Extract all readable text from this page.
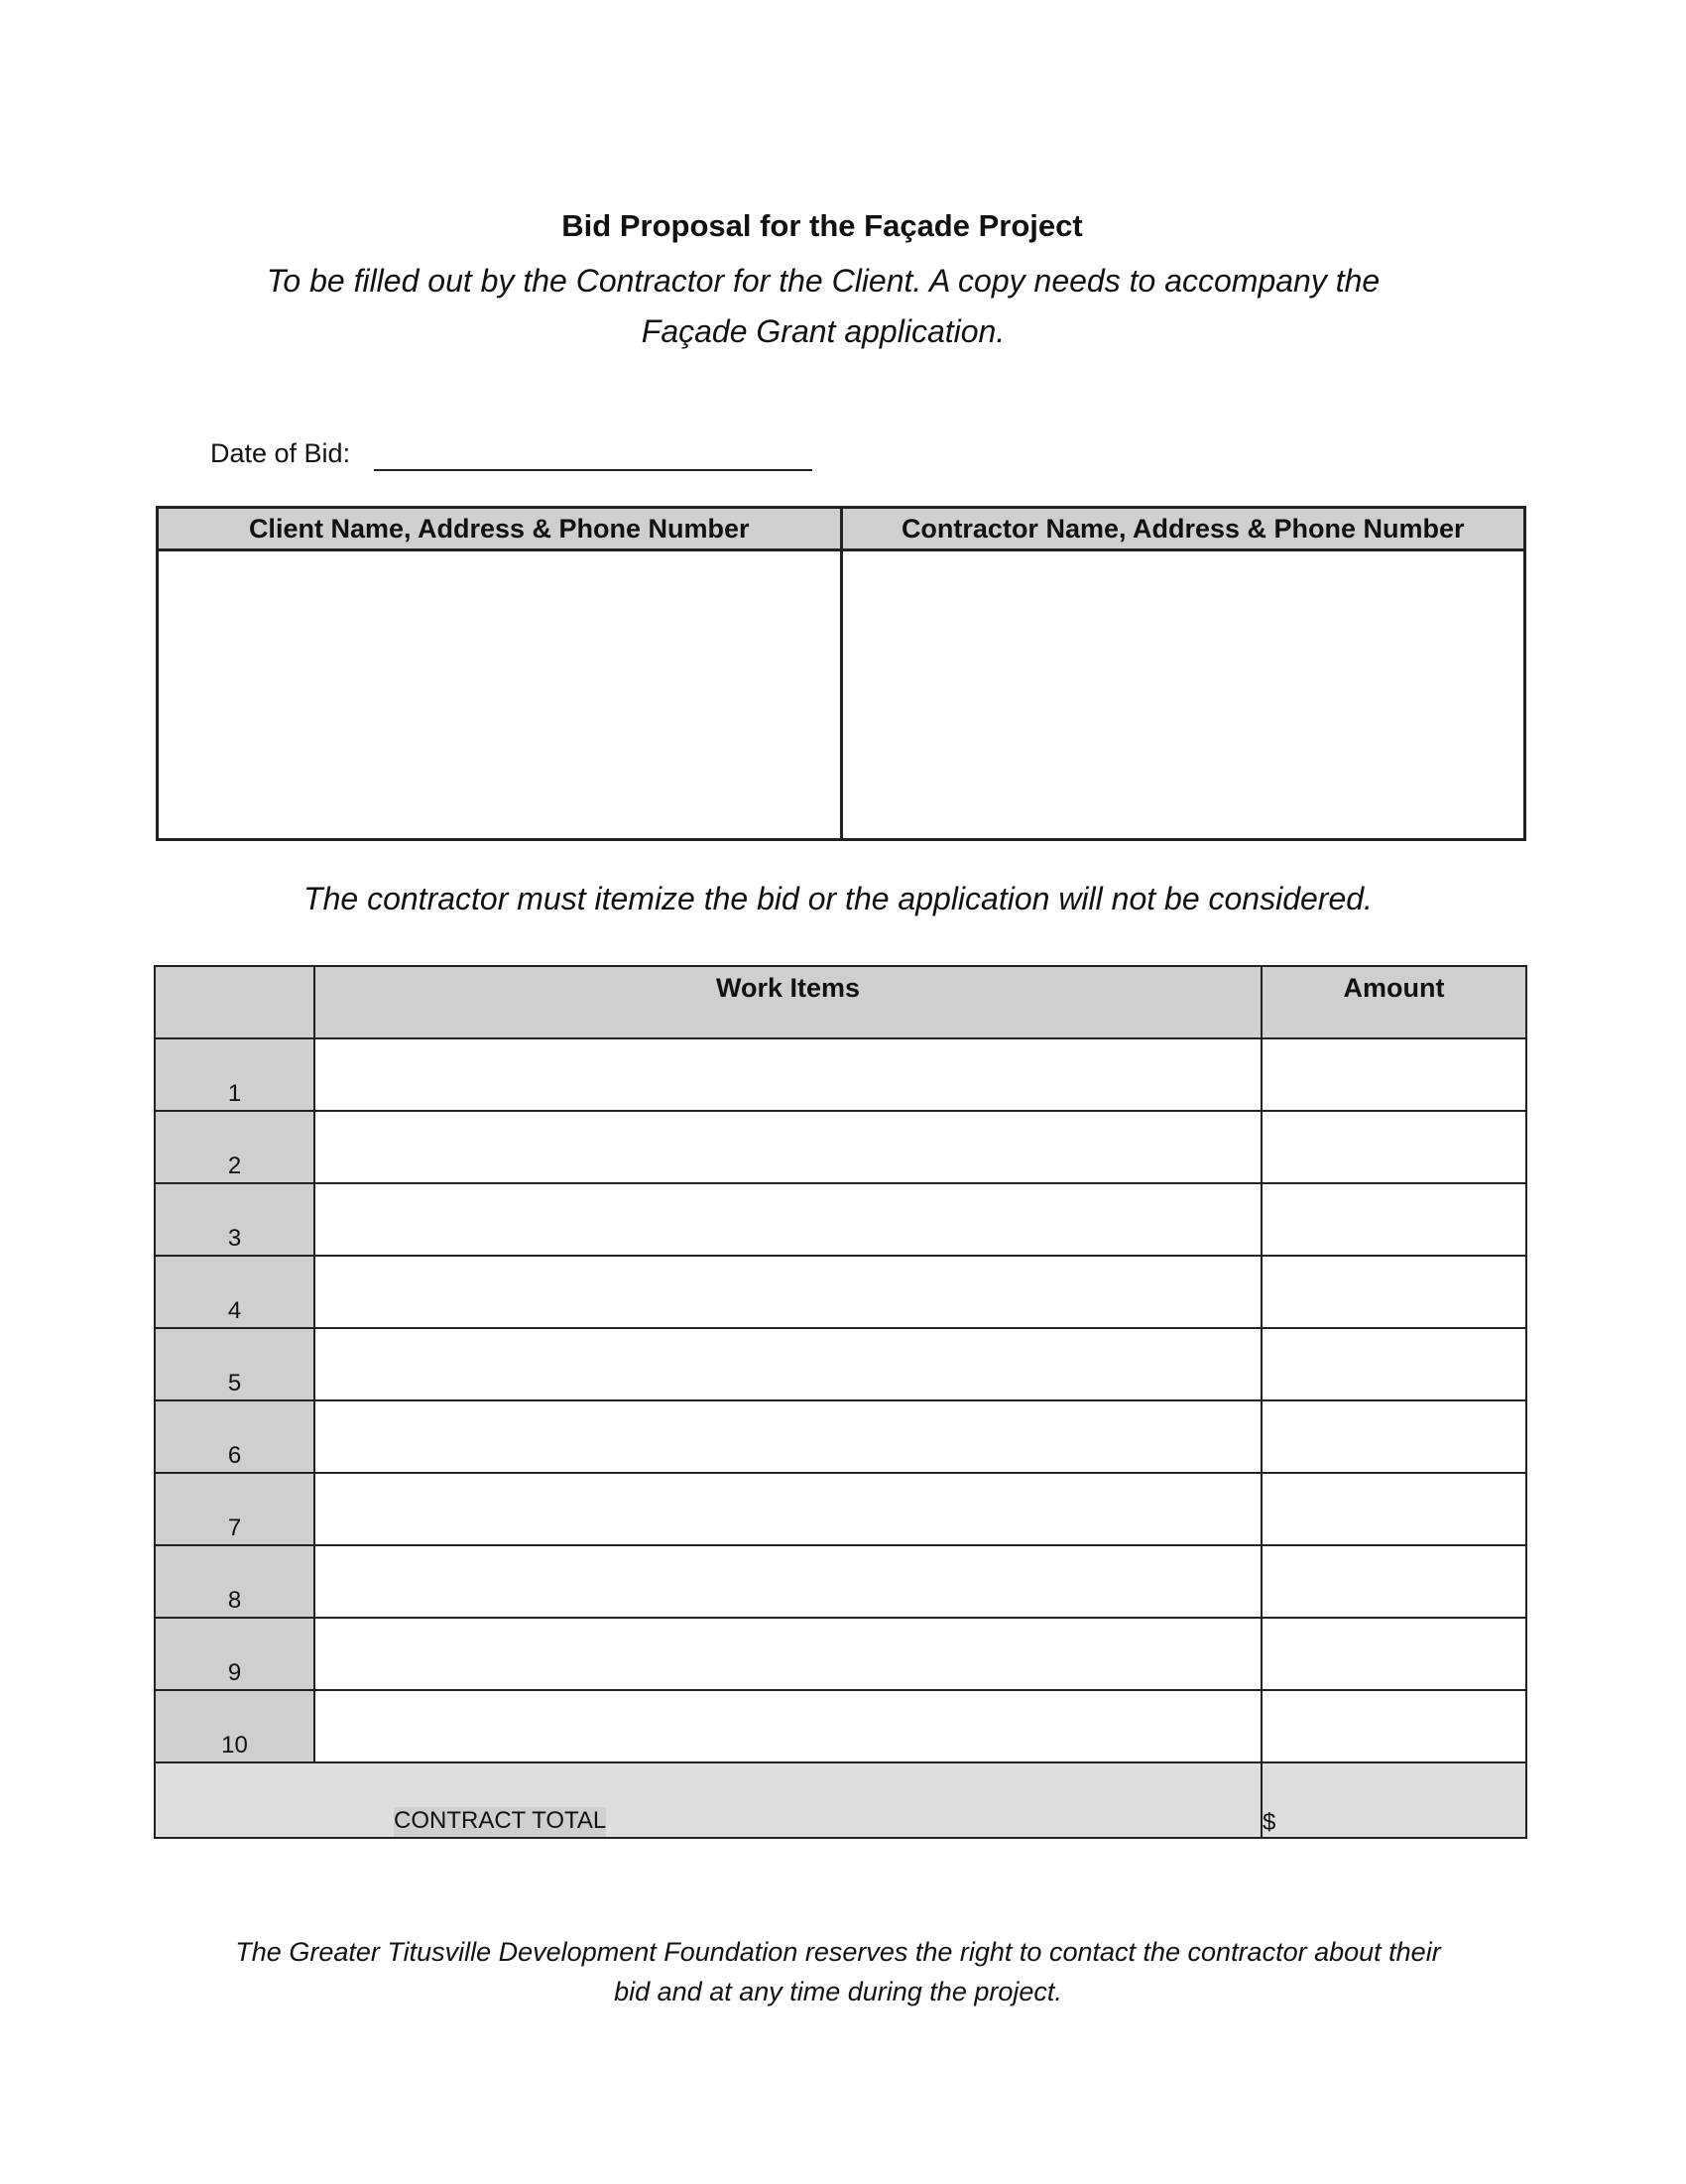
Bid Proposal for the Façade Project
To be filled out by the Contractor for the Client. A copy needs to accompany the Façade Grant application.
Date of Bid:
Client Name, Address & Phone Number	Contractor Name, Address & Phone Number
The contractor must itemize the bid or the application will not be considered.
	Work Items	Amount
1		
2		
3		
4		
5		
6		
7		
8		
9		
10		
CONTRACT TOTAL		$
The Greater Titusville Development Foundation reserves the right to contact the contractor about their bid and at any time during the project.
